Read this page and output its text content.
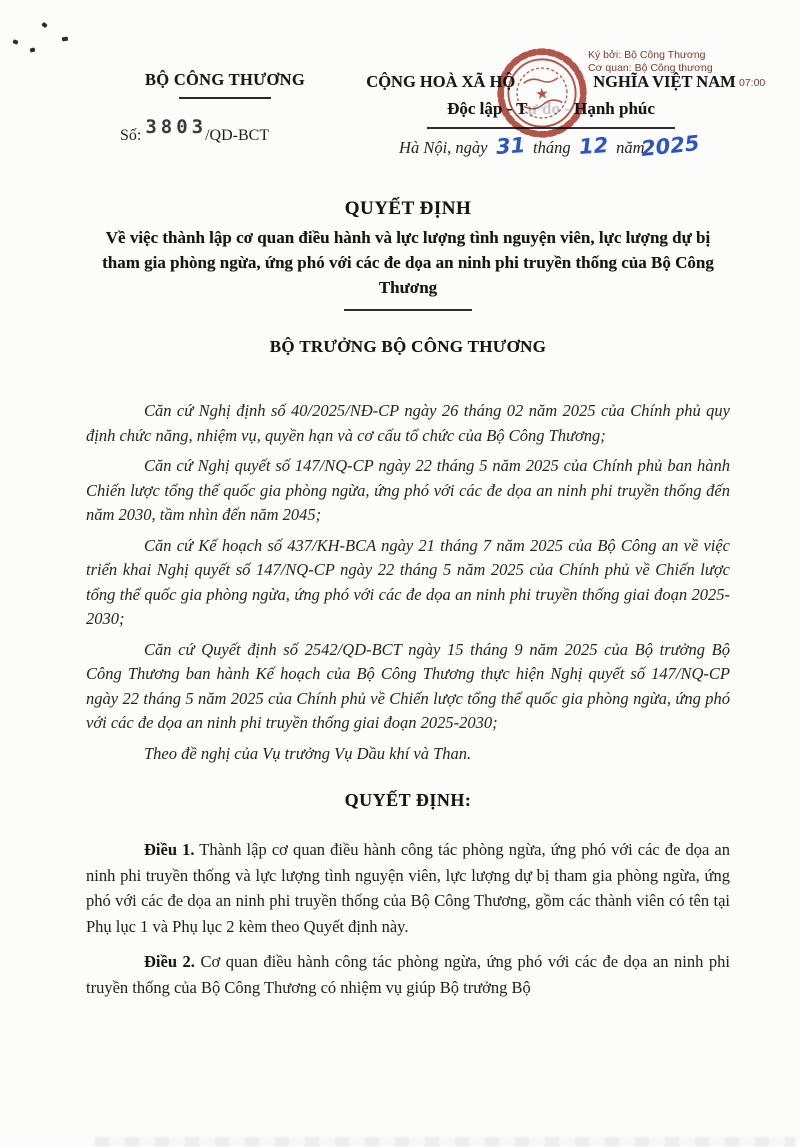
BỘ CÔNG THƯƠNG
Số: 3803/QD-BCT
CỘNG HOÀ XÃ HỘ	NGHĨA VIỆT NAM
Độc lập - Tự do - Hạnh phúc
Hà Nội, ngày 31 tháng 12 năm2025
★
Ký bởi: Bộ Công Thương
Cơ quan: Bộ Công thương
07:00
QUYẾT ĐỊNH
Về việc thành lập cơ quan điều hành và lực lượng tình nguyện viên, lực lượng dự bị tham gia phòng ngừa, ứng phó với các đe dọa an ninh phi truyền thống của Bộ Công Thương
BỘ TRƯỞNG BỘ CÔNG THƯƠNG

Căn cứ Nghị định số 40/2025/NĐ-CP ngày 26 tháng 02 năm 2025 của Chính phủ quy định chức năng, nhiệm vụ, quyền hạn và cơ cấu tổ chức của Bộ Công Thương;

Căn cứ Nghị quyết số 147/NQ-CP ngày 22 tháng 5 năm 2025 của Chính phủ ban hành Chiến lược tổng thể quốc gia phòng ngừa, ứng phó với các đe dọa an ninh phi truyền thống đến năm 2030, tầm nhìn đến năm 2045;

Căn cứ Kế hoạch số 437/KH-BCA ngày 21 tháng 7 năm 2025 của Bộ Công an về việc triển khai Nghị quyết số 147/NQ-CP ngày 22 tháng 5 năm 2025 của Chính phủ về Chiến lược tổng thể quốc gia phòng ngừa, ứng phó với các đe dọa an ninh phi truyền thống giai đoạn 2025-2030;

Căn cứ Quyết định số 2542/QD-BCT ngày 15 tháng 9 năm 2025 của Bộ trưởng Bộ Công Thương ban hành Kế hoạch của Bộ Công Thương thực hiện Nghị quyết số 147/NQ-CP ngày 22 tháng 5 năm 2025 của Chính phủ về Chiến lược tổng thể quốc gia phòng ngừa, ứng phó với các đe dọa an ninh phi truyền thống giai đoạn 2025-2030;

Theo đề nghị của Vụ trưởng Vụ Dầu khí và Than.

QUYẾT ĐỊNH:

Điều 1. Thành lập cơ quan điều hành công tác phòng ngừa, ứng phó với các đe dọa an ninh phi truyền thống và lực lượng tình nguyện viên, lực lượng dự bị tham gia phòng ngừa, ứng phó với các đe dọa an ninh phi truyền thống của Bộ Công Thương, gồm các thành viên có tên tại Phụ lục 1 và Phụ lục 2 kèm theo Quyết định này.

Điều 2. Cơ quan điều hành công tác phòng ngừa, ứng phó với các đe dọa an ninh phi truyền thống của Bộ Công Thương có nhiệm vụ giúp Bộ trưởng Bộ
